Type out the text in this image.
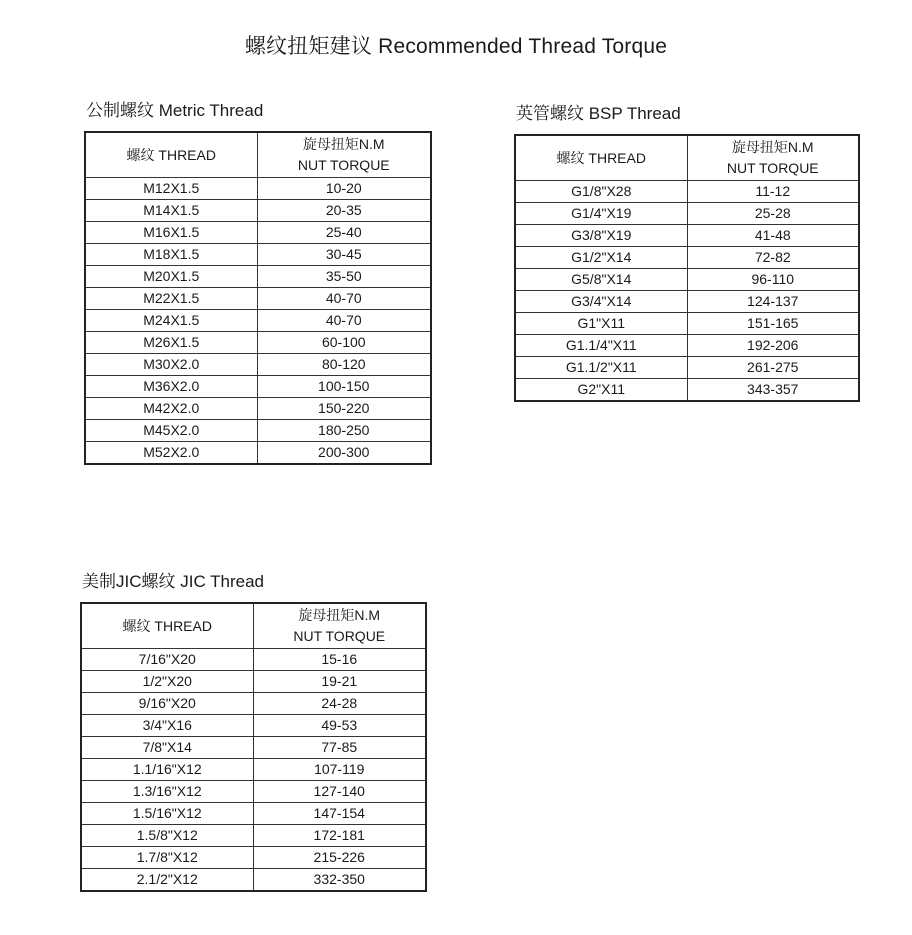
螺纹扭矩建议 Recommended Thread Torque
公制螺纹 Metric Thread
螺纹 THREAD	旋母扭矩N.M
NUT TORQUE

M12X1.5	10-20
M14X1.5	20-35
M16X1.5	25-40
M18X1.5	30-45
M20X1.5	35-50
M22X1.5	40-70
M24X1.5	40-70
M26X1.5	60-100
M30X2.0	80-120
M36X2.0	100-150
M42X2.0	150-220
M45X2.0	180-250
M52X2.0	200-300
英管螺纹 BSP Thread
螺纹 THREAD	旋母扭矩N.M
NUT TORQUE

G1/8"X28	11-12
G1/4"X19	25-28
G3/8"X19	41-48
G1/2"X14	72-82
G5/8"X14	96-110
G3/4"X14	124-137
G1"X11	151-165
G1.1/4"X11	192-206
G1.1/2"X11	261-275
G2"X11	343-357
美制JIC螺纹 JIC Thread
螺纹 THREAD	旋母扭矩N.M
NUT TORQUE

7/16"X20	15-16
1/2"X20	19-21
9/16"X20	24-28
3/4"X16	49-53
7/8"X14	77-85
1.1/16"X12	107-119
1.3/16"X12	127-140
1.5/16"X12	147-154
1.5/8"X12	172-181
1.7/8"X12	215-226
2.1/2"X12	332-350
